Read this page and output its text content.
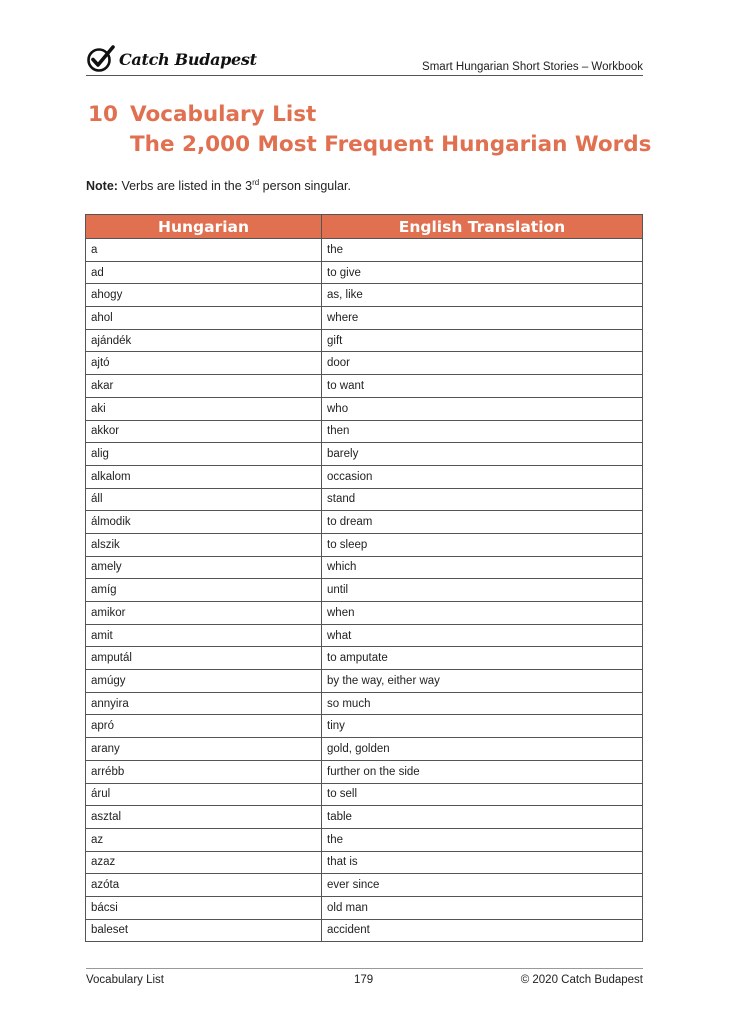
Catch Budapest	Smart Hungarian Short Stories – Workbook
10 Vocabulary List
The 2,000 Most Frequent Hungarian Words
Note: Verbs are listed in the 3rd person singular.
Hungarian	English Translation
a	the
ad	to give
ahogy	as, like
ahol	where
ajándék	gift
ajtó	door
akar	to want
aki	who
akkor	then
alig	barely
alkalom	occasion
áll	stand
álmodik	to dream
alszik	to sleep
amely	which
amíg	until
amikor	when
amit	what
amputál	to amputate
amúgy	by the way, either way
annyira	so much
apró	tiny
arany	gold, golden
arrébb	further on the side
árul	to sell
asztal	table
az	the
azaz	that is
azóta	ever since
bácsi	old man
baleset	accident
Vocabulary List	179	© 2020 Catch Budapest
